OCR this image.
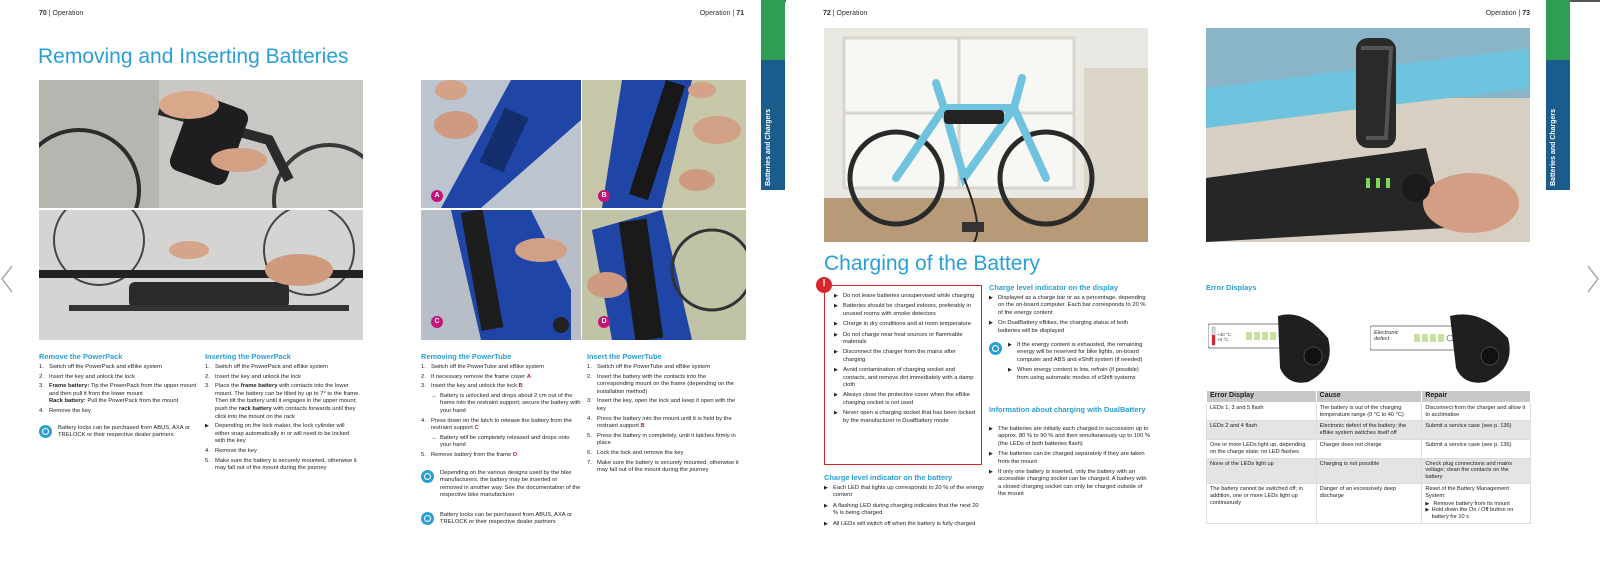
70 | Operation
Removing and Inserting Batteries
Remove the PowerPack
1. Switch off the PowerPack and eBike system
2. Insert the key and unlock the lock
3. Frame battery: Tip the PowerPack from the upper mount and then pull it from the lower mount
Rack battery: Pull the PowerPack from the mount
4. Remove the key
Battery locks can be purchased from ABUS, AXA or TRELOCK or their respective dealer partners
Inserting the PowerPack
1. Switch off the PowerPack and eBike system
2. Insert the key and unlock the lock
3. Place the frame battery with contacts into the lower mount. The battery can be tilted by up to 7° to the frame. Then tilt the battery until it engages in the upper mount; push the rack battery with contacts forwards until they click into the mount on the rack
▶	Depending on the lock maker, the lock cylinder will either snap automatically in or will need to be locked with the key
4. Remove the key
5. Make sure the battery is securely mounted, otherwise it may fall out of the mount during the journey
Operation | 71
A	B
C	D
Removing the PowerTube
1. Switch off the PowerTube and eBike system
2. If necessary remove the frame cover A
3. Insert the key and unlock the lock B
→ Battery is unlocked and drops about 2 cm out of the frame into the restraint support; secure the battery with your hand
4. Press down on the latch to release the battery from the restraint support C
→ Battery will be completely released and drops onto your hand
5. Remove battery from the frame D
Depending on the various designs used by the bike manufacturers, the battery may be inserted or removed in another way. See the documentation of the respective bike manufacturer
Battery locks can be purchased from ABUS, AXA or TRELOCK or their respective dealer partners
Insert the PowerTube
1. Switch off the PowerTube and eBike system
2. Insert the battery with the contacts into the corresponding mount on the frame (depending on the installation method)
3. Insert the key, open the lock and keep it open with the key
4. Press the battery into the mount until it is held by the restraint support B
5. Press the battery in completely, until it latches firmly in place
6. Lock the lock and remove the key
7. Make sure the battery is securely mounted, otherwise it may fall out of the mount during the journey
Batteries and Chargers
72 | Operation
Charging of the Battery
!
▶ Do not leave batteries unsupervised while charging
▶ Batteries should be charged indoors, preferably in unused rooms with smoke detectors
▶ Charge in dry conditions and at room temperature
▶ Do not charge near heat sources or flammable materials
▶ Disconnect the charger from the mains after charging
▶ Avoid contamination of charging socket and contacts, and remove dirt immediately with a damp cloth
▶ Always close the protective cover when the eBike charging socket is not used
▶ Never open a charging socket that has been locked by the manufacturer in DualBattery mode
Charge level indicator on the battery
▶ Each LED that lights up corresponds to 20 % of the energy content
▶ A flashing LED during charging indicates that the next 20 % is being charged
▶ All LEDs will switch off when the battery is fully charged
Charge level indicator on the display
▶ Displayed as a charge bar or as a percentage, depending on the on-board computer. Each bar corresponds to 20 % of the energy content
▶ On DualBattery eBikes, the charging status of both batteries will be displayed
▶ If the energy content is exhausted, the remaining energy will be reserved for bike lights, on-board computer and ABS and eShift system (if needed)
▶ When energy content is low, refrain (if possible) from using automatic modes of eShift systems
Information about charging with DualBattery
▶ The batteries are initially each charged in succession up to approx. 80 % to 90 % and then simultaneously up to 100 % (the LEDs of both batteries flash)
▶ The batteries can be charged separately if they are taken from the mount
▶ If only one battery is inserted, only the battery with an accessible charging socket can be charged. A battery with a closed charging socket can only be charged outside of the mount
Operation | 73
Error Displays
+40 °C
+0 °C
Electronic defect
Error Display	Cause	Repair
LEDs 1, 3 and 5 flash	The battery is out of the charging temperature range (0 °C to 40 °C)	Disconnect from the charger and allow it to acclimatise
LEDs 2 and 4 flash	Electronic defect of the battery; the eBike system switches itself off	Submit a service case (see p. 136)
One or more LEDs light up, depending on the charge state; no LED flashes	Charger does not charge	Submit a service case (see p. 136)
None of the LEDs light up	Charging is not possible	Check plug connections and mains voltage; clean the contacts on the battery
The battery cannot be switched off; in addition, one or more LEDs light up continuously	Danger of an excessively deep discharge	Reset of the Battery Management System:
▶ Remove battery from its mount
▶ Hold down the On / Off button on battery for 10 s
Batteries and Chargers
